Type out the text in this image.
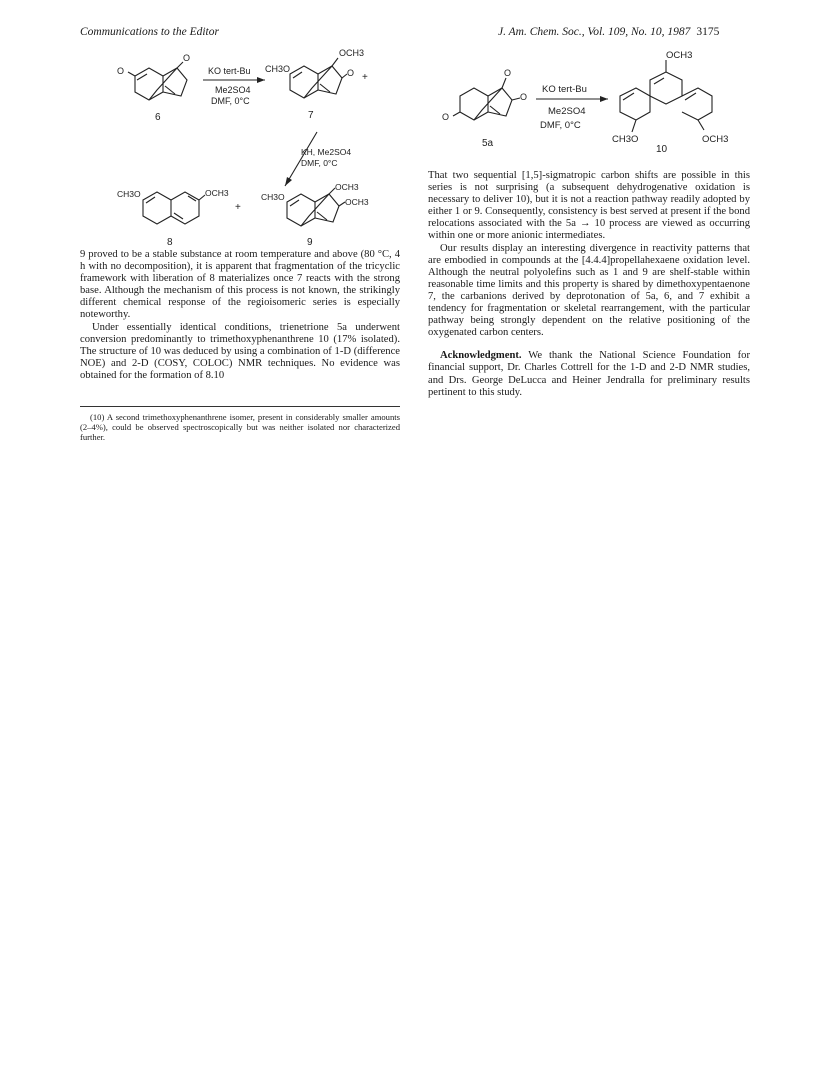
Communications to the Editor	J. Am. Chem. Soc., Vol. 109, No. 10, 1987 3175
O
O
6
KO tert-Bu
Me2SO4
DMF, 0°C
CH3O
OCH3
O +
7
KH, Me2SO4
DMF, 0°C
CH3O	OCH3
+
8
CH3O
OCH3
OCH3
9
O
O
O
5a
KO tert-Bu
Me2SO4
DMF, 0°C
OCH3
CH3O	OCH3
10

9 proved to be a stable substance at room temperature and above (80 °C, 4 h with no decomposition), it is apparent that fragmentation of the tricyclic framework with liberation of 8 materializes once 7 reacts with the strong base. Although the mechanism of this process is not known, the strikingly different chemical response of the regioisomeric series is especially noteworthy.

Under essentially identical conditions, trienetrione 5a underwent conversion predominantly to trimethoxyphenanthrene 10 (17% isolated). The structure of 10 was deduced by using a combination of 1-D (difference NOE) and 2-D (COSY, COLOC) NMR techniques. No evidence was obtained for the formation of 8.10

(10) A second trimethoxyphenanthrene isomer, present in considerably smaller amounts (2–4%), could be observed spectroscopically but was neither isolated nor characterized further.

That two sequential [1,5]-sigmatropic carbon shifts are possible in this series is not surprising (a subsequent dehydrogenative oxidation is necessary to deliver 10), but it is not a reaction pathway readily adopted by either 1 or 9. Consequently, consistency is best served at present if the bond relocations associated with the 5a → 10 process are viewed as occurring within one or more anionic intermediates.

Our results display an interesting divergence in reactivity patterns that are embodied in compounds at the [4.4.4]propellahexaene oxidation level. Although the neutral polyolefins such as 1 and 9 are shelf-stable within reasonable time limits and this property is shared by dimethoxypentaenone 7, the carbanions derived by deprotonation of 5a, 6, and 7 exhibit a tendency for fragmentation or skeletal rearrangement, with the particular pathway being strongly dependent on the relative positioning of the oxygenated carbon centers.

Acknowledgment. We thank the National Science Foundation for financial support, Dr. Charles Cottrell for the 1-D and 2-D NMR studies, and Drs. George DeLucca and Heiner Jendralla for preliminary results pertinent to this study.
